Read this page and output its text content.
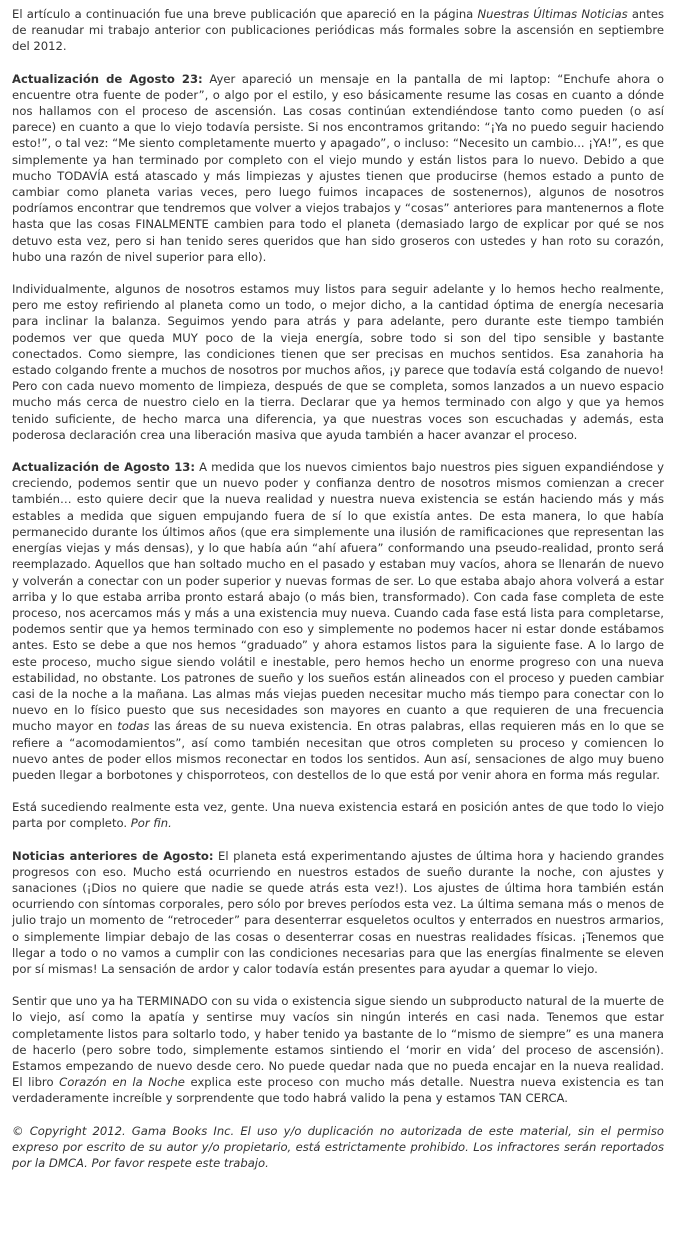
El artículo a continuación fue una breve publicación que apareció en la página Nuestras Últimas Noticias antes de reanudar mi trabajo anterior con publicaciones periódicas más formales sobre la ascensión en septiembre del 2012.

Actualización de Agosto 23: Ayer apareció un mensaje en la pantalla de mi laptop: “Enchufe ahora o encuentre otra fuente de poder”, o algo por el estilo, y eso básicamente resume las cosas en cuanto a dónde nos hallamos con el proceso de ascensión. Las cosas continúan extendiéndose tanto como pueden (o así parece) en cuanto a que lo viejo todavía persiste. Si nos encontramos gritando: “¡Ya no puedo seguir haciendo esto!”, o tal vez: “Me siento completamente muerto y apagado”, o incluso: “Necesito un cambio... ¡YA!”, es que simplemente ya han terminado por completo con el viejo mundo y están listos para lo nuevo. Debido a que mucho TODAVÍA está atascado y más limpiezas y ajustes tienen que producirse (hemos estado a punto de cambiar como planeta varias veces, pero luego fuimos incapaces de sostenernos), algunos de nosotros podríamos encontrar que tendremos que volver a viejos trabajos y “cosas” anteriores para mantenernos a flote hasta que las cosas FINALMENTE cambien para todo el planeta (demasiado largo de explicar por qué se nos detuvo esta vez, pero si han tenido seres queridos que han sido groseros con ustedes y han roto su corazón, hubo una razón de nivel superior para ello).

Individualmente, algunos de nosotros estamos muy listos para seguir adelante y lo hemos hecho realmente, pero me estoy refiriendo al planeta como un todo, o mejor dicho, a la cantidad óptima de energía necesaria para inclinar la balanza. Seguimos yendo para atrás y para adelante, pero durante este tiempo también podemos ver que queda MUY poco de la vieja energía, sobre todo si son del tipo sensible y bastante conectados. Como siempre, las condiciones tienen que ser precisas en muchos sentidos. Esa zanahoria ha estado colgando frente a muchos de nosotros por muchos años, ¡y parece que todavía está colgando de nuevo! Pero con cada nuevo momento de limpieza, después de que se completa, somos lanzados a un nuevo espacio mucho más cerca de nuestro cielo en la tierra. Declarar que ya hemos terminado con algo y que ya hemos tenido suficiente, de hecho marca una diferencia, ya que nuestras voces son escuchadas y además, esta poderosa declaración crea una liberación masiva que ayuda también a hacer avanzar el proceso.

Actualización de Agosto 13: A medida que los nuevos cimientos bajo nuestros pies siguen expandiéndose y creciendo, podemos sentir que un nuevo poder y confianza dentro de nosotros mismos comienzan a crecer también… esto quiere decir que la nueva realidad y nuestra nueva existencia se están haciendo más y más estables a medida que siguen empujando fuera de sí lo que existía antes. De esta manera, lo que había permanecido durante los últimos años (que era simplemente una ilusión de ramificaciones que representan las energías viejas y más densas), y lo que había aún “ahí afuera” conformando una pseudo-realidad, pronto será reemplazado. Aquellos que han soltado mucho en el pasado y estaban muy vacíos, ahora se llenarán de nuevo y volverán a conectar con un poder superior y nuevas formas de ser. Lo que estaba abajo ahora volverá a estar arriba y lo que estaba arriba pronto estará abajo (o más bien, transformado). Con cada fase completa de este proceso, nos acercamos más y más a una existencia muy nueva. Cuando cada fase está lista para completarse, podemos sentir que ya hemos terminado con eso y simplemente no podemos hacer ni estar donde estábamos antes. Esto se debe a que nos hemos “graduado” y ahora estamos listos para la siguiente fase. A lo largo de este proceso, mucho sigue siendo volátil e inestable, pero hemos hecho un enorme progreso con una nueva estabilidad, no obstante. Los patrones de sueño y los sueños están alineados con el proceso y pueden cambiar casi de la noche a la mañana. Las almas más viejas pueden necesitar mucho más tiempo para conectar con lo nuevo en lo físico puesto que sus necesidades son mayores en cuanto a que requieren de una frecuencia mucho mayor en todas las áreas de su nueva existencia. En otras palabras, ellas requieren más en lo que se refiere a “acomodamientos”, así como también necesitan que otros completen su proceso y comiencen lo nuevo antes de poder ellos mismos reconectar en todos los sentidos. Aun así, sensaciones de algo muy bueno pueden llegar a borbotones y chisporroteos, con destellos de lo que está por venir ahora en forma más regular.

Está sucediendo realmente esta vez, gente. Una nueva existencia estará en posición antes de que todo lo viejo parta por completo. Por fin.

Noticias anteriores de Agosto: El planeta está experimentando ajustes de última hora y haciendo grandes progresos con eso. Mucho está ocurriendo en nuestros estados de sueño durante la noche, con ajustes y sanaciones (¡Dios no quiere que nadie se quede atrás esta vez!). Los ajustes de última hora también están ocurriendo con síntomas corporales, pero sólo por breves períodos esta vez. La última semana más o menos de julio trajo un momento de “retroceder” para desenterrar esqueletos ocultos y enterrados en nuestros armarios, o simplemente limpiar debajo de las cosas o desenterrar cosas en nuestras realidades físicas. ¡Tenemos que llegar a todo o no vamos a cumplir con las condiciones necesarias para que las energías finalmente se eleven por sí mismas! La sensación de ardor y calor todavía están presentes para ayudar a quemar lo viejo.

Sentir que uno ya ha TERMINADO con su vida o existencia sigue siendo un subproducto natural de la muerte de lo viejo, así como la apatía y sentirse muy vacíos sin ningún interés en casi nada. Tenemos que estar completamente listos para soltarlo todo, y haber tenido ya bastante de lo “mismo de siempre” es una manera de hacerlo (pero sobre todo, simplemente estamos sintiendo el ‘morir en vida’ del proceso de ascensión). Estamos empezando de nuevo desde cero. No puede quedar nada que no pueda encajar en la nueva realidad. El libro Corazón en la Noche explica este proceso con mucho más detalle. Nuestra nueva existencia es tan verdaderamente increíble y sorprendente que todo habrá valido la pena y estamos TAN CERCA.

© Copyright 2012. Gama Books Inc. El uso y/o duplicación no autorizada de este material, sin el permiso expreso por escrito de su autor y/o propietario, está estrictamente prohibido. Los infractores serán reportados por la DMCA. Por favor respete este trabajo.
